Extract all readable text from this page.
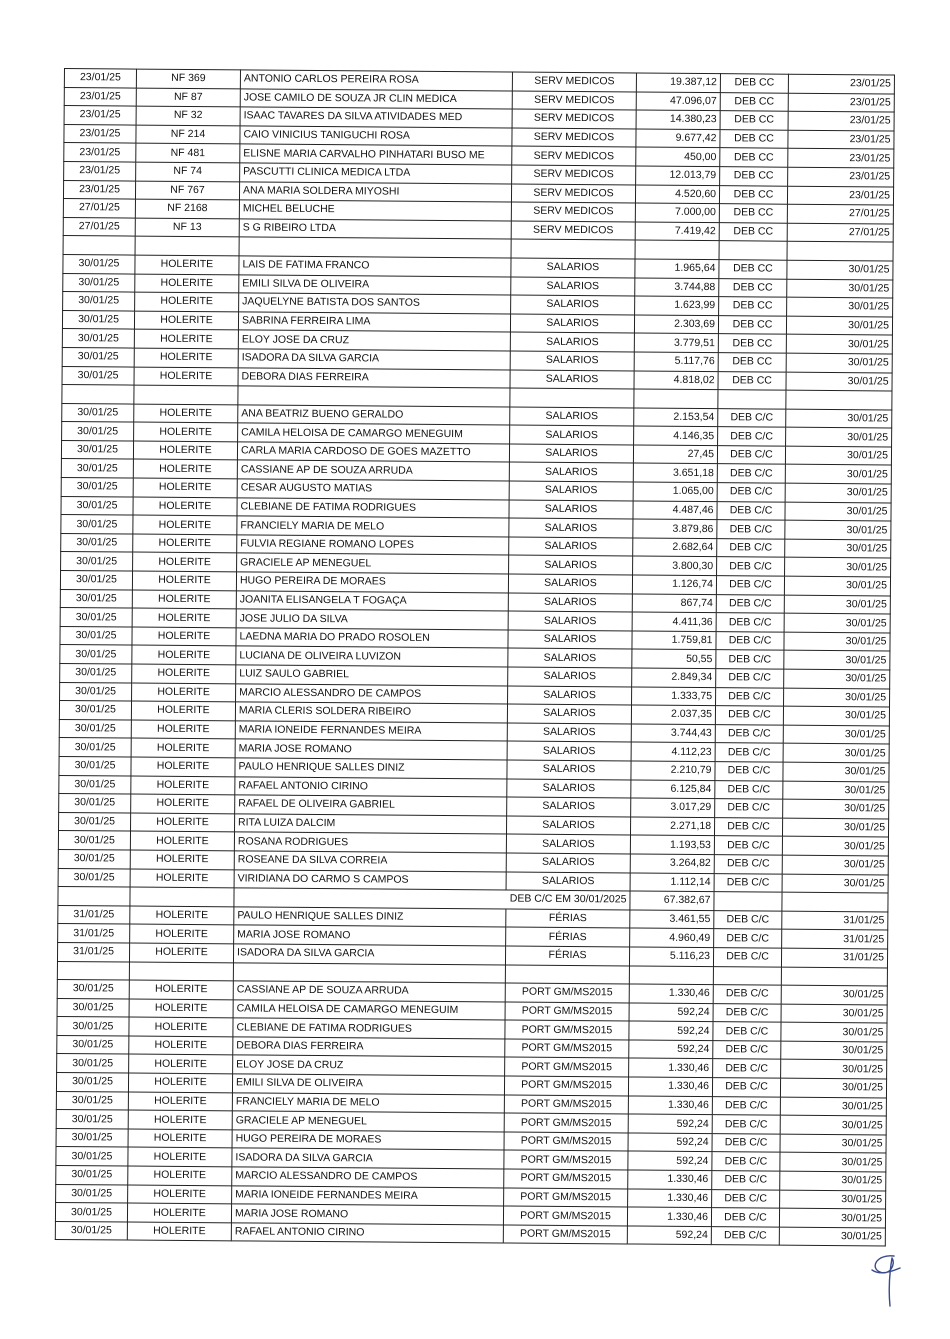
23/01/25	NF 369	ANTONIO CARLOS PEREIRA ROSA	SERV MEDICOS	19.387,12	DEB CC	23/01/25
23/01/25	NF 87	JOSE CAMILO DE SOUZA JR CLIN MEDICA	SERV MEDICOS	47.096,07	DEB CC	23/01/25
23/01/25	NF 32	ISAAC TAVARES DA SILVA ATIVIDADES MED	SERV MEDICOS	14.380,23	DEB CC	23/01/25
23/01/25	NF 214	CAIO VINICIUS TANIGUCHI ROSA	SERV MEDICOS	9.677,42	DEB CC	23/01/25
23/01/25	NF 481	ELISNE MARIA CARVALHO PINHATARI BUSO ME	SERV MEDICOS	450,00	DEB CC	23/01/25
23/01/25	NF 74	PASCUTTI CLINICA MEDICA LTDA	SERV MEDICOS	12.013,79	DEB CC	23/01/25
23/01/25	NF 767	ANA MARIA SOLDERA MIYOSHI	SERV MEDICOS	4.520,60	DEB CC	23/01/25
27/01/25	NF 2168	MICHEL BELUCHE	SERV MEDICOS	7.000,00	DEB CC	27/01/25
27/01/25	NF 13	S G RIBEIRO LTDA	SERV MEDICOS	7.419,42	DEB CC	27/01/25

30/01/25	HOLERITE	LAIS DE FATIMA FRANCO	SALARIOS	1.965,64	DEB CC	30/01/25
30/01/25	HOLERITE	EMILI SILVA DE OLIVEIRA	SALARIOS	3.744,88	DEB CC	30/01/25
30/01/25	HOLERITE	JAQUELYNE BATISTA DOS SANTOS	SALARIOS	1.623,99	DEB CC	30/01/25
30/01/25	HOLERITE	SABRINA FERREIRA LIMA	SALARIOS	2.303,69	DEB CC	30/01/25
30/01/25	HOLERITE	ELOY JOSE DA CRUZ	SALARIOS	3.779,51	DEB CC	30/01/25
30/01/25	HOLERITE	ISADORA DA SILVA GARCIA	SALARIOS	5.117,76	DEB CC	30/01/25
30/01/25	HOLERITE	DEBORA DIAS FERREIRA	SALARIOS	4.818,02	DEB CC	30/01/25

30/01/25	HOLERITE	ANA BEATRIZ BUENO GERALDO	SALARIOS	2.153,54	DEB C/C	30/01/25
30/01/25	HOLERITE	CAMILA HELOISA DE CAMARGO MENEGUIM	SALARIOS	4.146,35	DEB C/C	30/01/25
30/01/25	HOLERITE	CARLA MARIA CARDOSO DE GOES MAZETTO	SALARIOS	27,45	DEB C/C	30/01/25
30/01/25	HOLERITE	CASSIANE AP DE SOUZA ARRUDA	SALARIOS	3.651,18	DEB C/C	30/01/25
30/01/25	HOLERITE	CESAR AUGUSTO MATIAS	SALARIOS	1.065,00	DEB C/C	30/01/25
30/01/25	HOLERITE	CLEBIANE DE FATIMA RODRIGUES	SALARIOS	4.487,46	DEB C/C	30/01/25
30/01/25	HOLERITE	FRANCIELY MARIA DE MELO	SALARIOS	3.879,86	DEB C/C	30/01/25
30/01/25	HOLERITE	FULVIA REGIANE ROMANO LOPES	SALARIOS	2.682,64	DEB C/C	30/01/25
30/01/25	HOLERITE	GRACIELE AP MENEGUEL	SALARIOS	3.800,30	DEB C/C	30/01/25
30/01/25	HOLERITE	HUGO PEREIRA DE MORAES	SALARIOS	1.126,74	DEB C/C	30/01/25
30/01/25	HOLERITE	JOANITA ELISANGELA T FOGAÇA	SALARIOS	867,74	DEB C/C	30/01/25
30/01/25	HOLERITE	JOSE JULIO DA SILVA	SALARIOS	4.411,36	DEB C/C	30/01/25
30/01/25	HOLERITE	LAEDNA MARIA DO PRADO ROSOLEN	SALARIOS	1.759,81	DEB C/C	30/01/25
30/01/25	HOLERITE	LUCIANA DE OLIVEIRA LUVIZON	SALARIOS	50,55	DEB C/C	30/01/25
30/01/25	HOLERITE	LUIZ SAULO GABRIEL	SALARIOS	2.849,34	DEB C/C	30/01/25
30/01/25	HOLERITE	MARCIO ALESSANDRO DE CAMPOS	SALARIOS	1.333,75	DEB C/C	30/01/25
30/01/25	HOLERITE	MARIA CLERIS SOLDERA RIBEIRO	SALARIOS	2.037,35	DEB C/C	30/01/25
30/01/25	HOLERITE	MARIA IONEIDE FERNANDES MEIRA	SALARIOS	3.744,43	DEB C/C	30/01/25
30/01/25	HOLERITE	MARIA JOSE ROMANO	SALARIOS	4.112,23	DEB C/C	30/01/25
30/01/25	HOLERITE	PAULO HENRIQUE SALLES DINIZ	SALARIOS	2.210,79	DEB C/C	30/01/25
30/01/25	HOLERITE	RAFAEL ANTONIO CIRINO	SALARIOS	6.125,84	DEB C/C	30/01/25
30/01/25	HOLERITE	RAFAEL DE OLIVEIRA GABRIEL	SALARIOS	3.017,29	DEB C/C	30/01/25
30/01/25	HOLERITE	RITA LUIZA DALCIM	SALARIOS	2.271,18	DEB C/C	30/01/25
30/01/25	HOLERITE	ROSANA RODRIGUES	SALARIOS	1.193,53	DEB C/C	30/01/25
30/01/25	HOLERITE	ROSEANE DA SILVA CORREIA	SALARIOS	3.264,82	DEB C/C	30/01/25
30/01/25	HOLERITE	VIRIDIANA DO CARMO S CAMPOS	SALARIOS	1.112,14	DEB C/C	30/01/25
		DEB C/C EM 30/01/2025		67.382,67		
31/01/25	HOLERITE	PAULO HENRIQUE SALLES DINIZ	FÉRIAS	3.461,55	DEB C/C	31/01/25
31/01/25	HOLERITE	MARIA JOSE ROMANO	FÉRIAS	4.960,49	DEB C/C	31/01/25
31/01/25	HOLERITE	ISADORA DA SILVA GARCIA	FÉRIAS	5.116,23	DEB C/C	31/01/25

30/01/25	HOLERITE	CASSIANE AP DE SOUZA ARRUDA	PORT GM/MS2015	1.330,46	DEB C/C	30/01/25
30/01/25	HOLERITE	CAMILA HELOISA DE CAMARGO MENEGUIM	PORT GM/MS2015	592,24	DEB C/C	30/01/25
30/01/25	HOLERITE	CLEBIANE DE FATIMA RODRIGUES	PORT GM/MS2015	592,24	DEB C/C	30/01/25
30/01/25	HOLERITE	DEBORA DIAS FERREIRA	PORT GM/MS2015	592,24	DEB C/C	30/01/25
30/01/25	HOLERITE	ELOY JOSE DA CRUZ	PORT GM/MS2015	1.330,46	DEB C/C	30/01/25
30/01/25	HOLERITE	EMILI SILVA DE OLIVEIRA	PORT GM/MS2015	1.330,46	DEB C/C	30/01/25
30/01/25	HOLERITE	FRANCIELY MARIA DE MELO	PORT GM/MS2015	1.330,46	DEB C/C	30/01/25
30/01/25	HOLERITE	GRACIELE AP MENEGUEL	PORT GM/MS2015	592,24	DEB C/C	30/01/25
30/01/25	HOLERITE	HUGO PEREIRA DE MORAES	PORT GM/MS2015	592,24	DEB C/C	30/01/25
30/01/25	HOLERITE	ISADORA DA SILVA GARCIA	PORT GM/MS2015	592,24	DEB C/C	30/01/25
30/01/25	HOLERITE	MARCIO ALESSANDRO DE CAMPOS	PORT GM/MS2015	1.330,46	DEB C/C	30/01/25
30/01/25	HOLERITE	MARIA IONEIDE FERNANDES MEIRA	PORT GM/MS2015	1.330,46	DEB C/C	30/01/25
30/01/25	HOLERITE	MARIA JOSE ROMANO	PORT GM/MS2015	1.330,46	DEB C/C	30/01/25
30/01/25	HOLERITE	RAFAEL ANTONIO CIRINO	PORT GM/MS2015	592,24	DEB C/C	30/01/25
